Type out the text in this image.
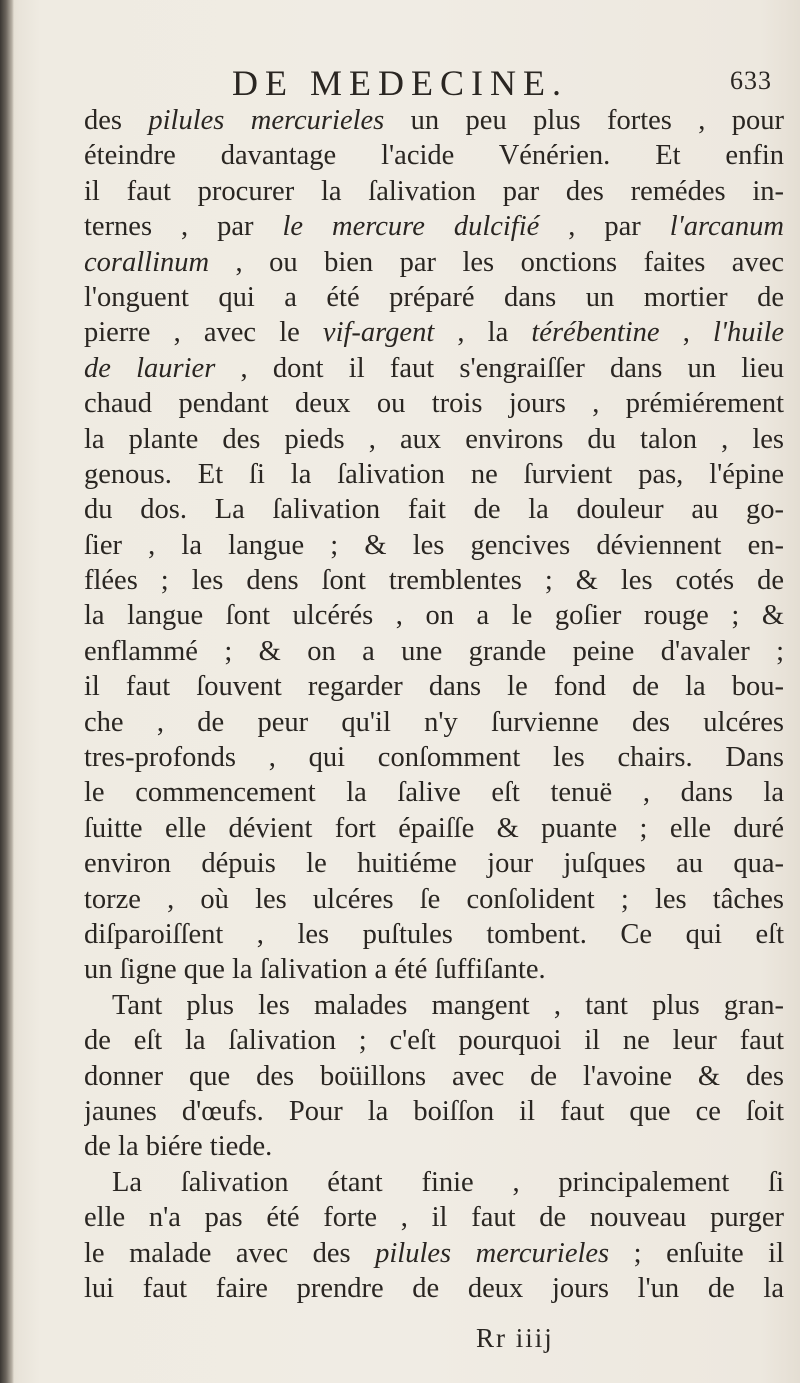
DE MEDECINE.	633
des pilules mercurieles un peu plus fortes , pour
éteindre davantage l'acide Vénérien. Et enfin
il faut procurer la ſalivation par des remédes in-
ternes , par le mercure dulcifié , par l'arcanum
corallinum , ou bien par les onctions faites avec
l'onguent qui a été préparé dans un mortier de
pierre , avec le vif-argent , la térébentine , l'huile
de laurier , dont il faut s'engraiſſer dans un lieu
chaud pendant deux ou trois jours , prémiérement
la plante des pieds , aux environs du talon , les
genous. Et ſi la ſalivation ne ſurvient pas, l'épine
du dos. La ſalivation fait de la douleur au go-
ſier , la langue ; & les gencives déviennent en-
flées ; les dens ſont tremblentes ; & les cotés de
la langue ſont ulcérés , on a le goſier rouge ; &
enflammé ; & on a une grande peine d'avaler ;
il faut ſouvent regarder dans le fond de la bou-
che , de peur qu'il n'y ſurvienne des ulcéres
tres-profonds , qui conſomment les chairs. Dans
le commencement la ſalive eſt tenuë , dans la
ſuitte elle dévient fort épaiſſe & puante ; elle duré
environ dépuis le huitiéme jour juſques au qua-
torze , où les ulcéres ſe conſolident ; les tâches
diſparoiſſent , les puſtules tombent. Ce qui eſt
un ſigne que la ſalivation a été ſuffiſante.
Tant plus les malades mangent , tant plus gran-
de eſt la ſalivation ; c'eſt pourquoi il ne leur faut
donner que des boüillons avec de l'avoine & des
jaunes d'œufs. Pour la boiſſon il faut que ce ſoit
de la biére tiede.
La ſalivation étant finie , principalement ſi
elle n'a pas été forte , il faut de nouveau purger
le malade avec des pilules mercurieles ; enſuite il
lui faut faire prendre de deux jours l'un de la
Rr iiij
